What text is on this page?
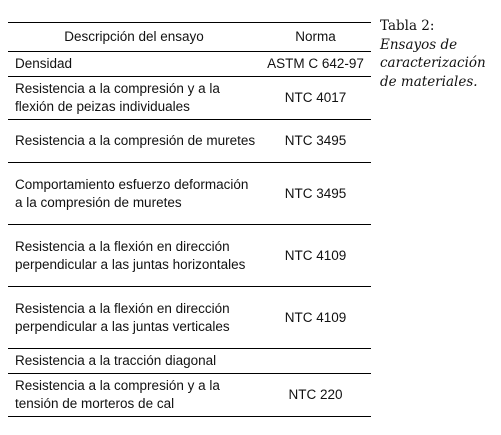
Descripción del ensayo	Norma
Densidad	ASTM C 642-97
Resistencia a la compresión y a la flexión de peizas individuales	NTC 4017
Resistencia a la compresión de muretes	NTC 3495
Comportamiento esfuerzo deformación a la compresión de muretes	NTC 3495
Resistencia a la flexión en dirección perpendicular a las juntas horizontales	NTC 4109
Resistencia a la flexión en dirección perpendicular a las juntas verticales	NTC 4109
Resistencia a la tracción diagonal	
Resistencia a la compresión y a la tensión de morteros de cal	NTC 220
Tabla 2:
Ensayos de caracterización de materiales.
